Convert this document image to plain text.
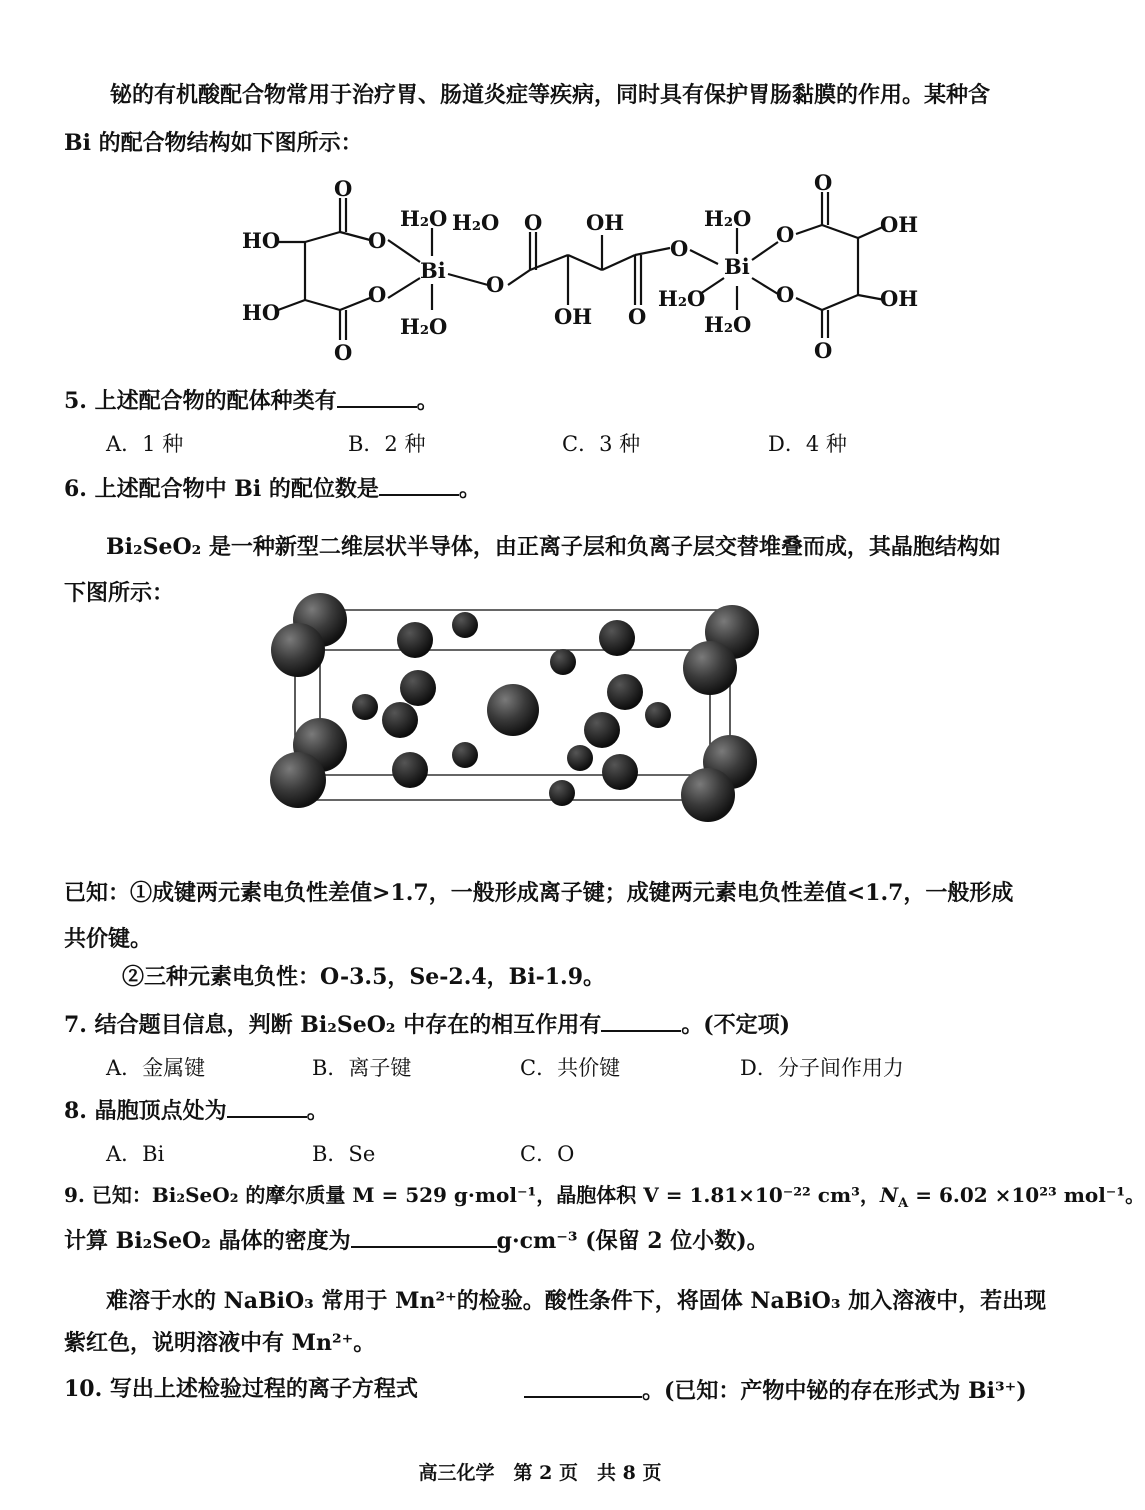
铋的有机酸配合物常用于治疗胃、肠道炎症等疾病，同时具有保护胃肠黏膜的作用。某种含
Bi 的配合物结构如下图所示：
O
O
HO
HO
O
O
H₂O H₂O
Bi
H₂O
O
O OH
OH O
O
H₂O
Bi
H₂O
H₂O
O
O
O
O
OH
OH
5. 上述配合物的配体种类有	。
A．1 种	B．2 种	C．3 种	D．4 种
6. 上述配合物中 Bi 的配位数是	。
Bi₂SeO₂ 是一种新型二维层状半导体，由正离子层和负离子层交替堆叠而成，其晶胞结构如
下图所示：
已知：①成键两元素电负性差值>1.7，一般形成离子键；成键两元素电负性差值<1.7，一般形成
共价键。
②三种元素电负性：O-3.5，Se-2.4，Bi-1.9。
7. 结合题目信息，判断 Bi₂SeO₂ 中存在的相互作用有	。(不定项)
A．金属键	B．离子键	C．共价键	D．分子间作用力
8. 晶胞顶点处为	。
A．Bi	B．Se	C．O
9. 已知：Bi₂SeO₂ 的摩尔质量 M = 529 g·mol⁻¹，晶胞体积 V = 1.81×10⁻²² cm³，$N_A = 6.02 \times 10^{23}$ mol⁻¹。
计算 Bi₂SeO₂ 晶体的密度为	g·cm⁻³ (保留 2 位小数)。
难溶于水的 NaBiO₃ 常用于 Mn²⁺的检验。酸性条件下，将固体 NaBiO₃ 加入溶液中，若出现
紫红色，说明溶液中有 Mn²⁺。
10. 写出上述检验过程的离子方程式	。(已知：产物中铋的存在形式为 Bi³⁺)
高三化学　第 2 页　共 8 页
